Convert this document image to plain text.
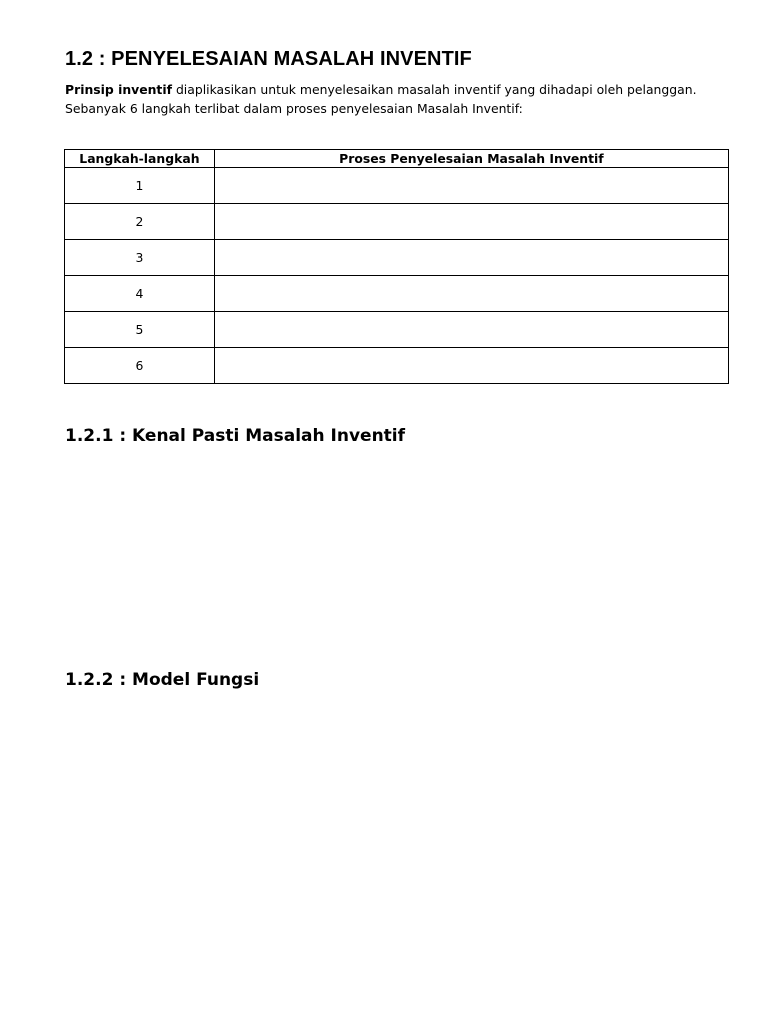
1.2 : PENYELESAIAN MASALAH INVENTIF

Prinsip inventif diaplikasikan untuk menyelesaikan masalah inventif yang dihadapi oleh pelanggan.
Sebanyak 6 langkah terlibat dalam proses penyelesaian Masalah Inventif:

Langkah-langkah	Proses Penyelesaian Masalah Inventif
1	
2	
3	
4	
5	
6	
1.2.1 : Kenal Pasti Masalah Inventif
1.2.2 : Model Fungsi
